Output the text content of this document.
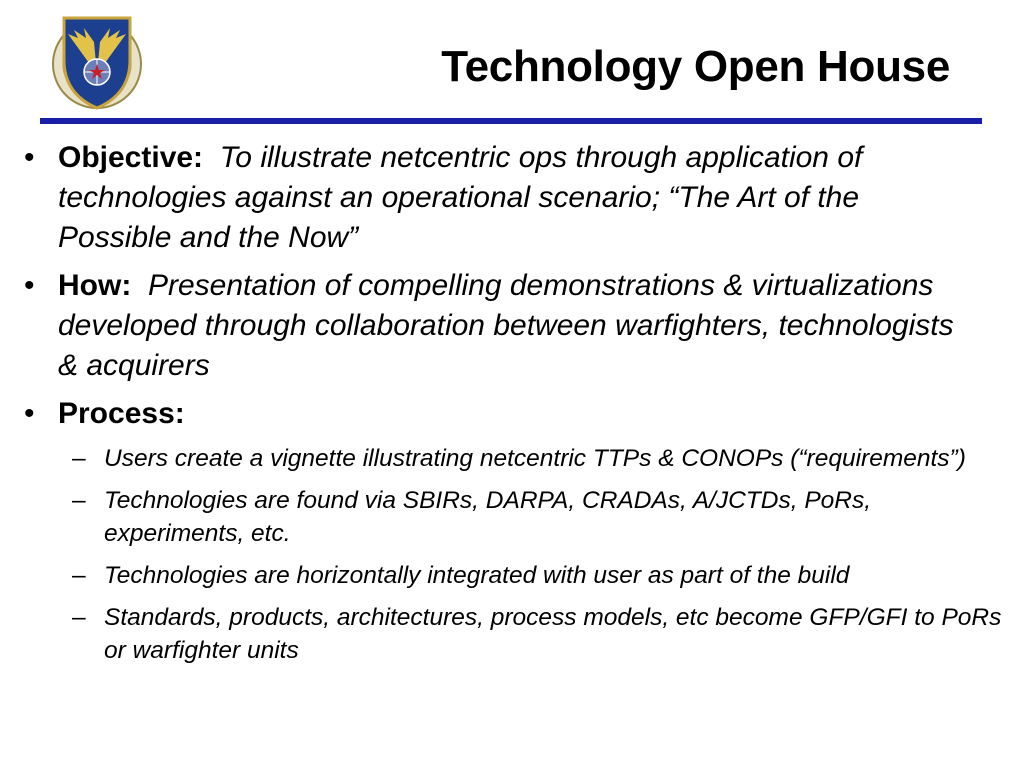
Technology Open House
• Objective: To illustrate netcentric ops through application of technologies against an operational scenario; “The Art of the Possible and the Now”
• How: Presentation of compelling demonstrations & virtualizations developed through collaboration between warfighters, technologists & acquirers
• Process:
– Users create a vignette illustrating netcentric TTPs & CONOPs (“requirements”)
– Technologies are found via SBIRs, DARPA, CRADAs, A/JCTDs, PoRs, experiments, etc.
– Technologies are horizontally integrated with user as part of the build
– Standards, products, architectures, process models, etc become GFP/GFI to PoRs or warfighter units
